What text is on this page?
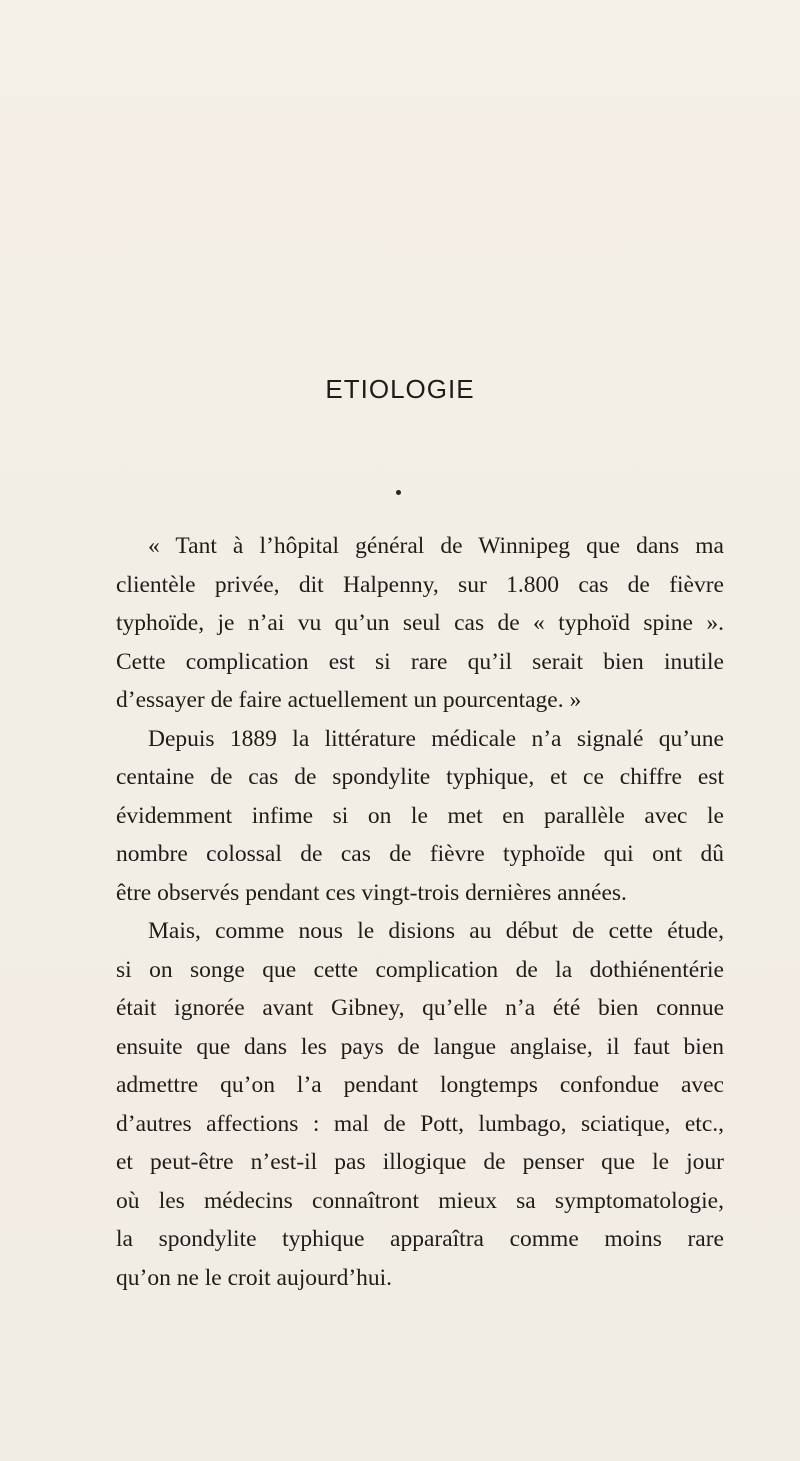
ETIOLOGIE
« Tant à l’hôpital général de Winnipeg que dans ma
clientèle privée, dit Halpenny, sur 1.800 cas de fièvre
typhoïde, je n’ai vu qu’un seul cas de « typhoïd spine ».
Cette complication est si rare qu’il serait bien inutile
d’essayer de faire actuellement un pourcentage. »
Depuis 1889 la littérature médicale n’a signalé qu’une
centaine de cas de spondylite typhique, et ce chiffre est
évidemment infime si on le met en parallèle avec le
nombre colossal de cas de fièvre typhoïde qui ont dû
être observés pendant ces vingt-trois dernières années.
Mais, comme nous le disions au début de cette étude,
si on songe que cette complication de la dothiénentérie
était ignorée avant Gibney, qu’elle n’a été bien connue
ensuite que dans les pays de langue anglaise, il faut bien
admettre qu’on l’a pendant longtemps confondue avec
d’autres affections : mal de Pott, lumbago, sciatique, etc.,
et peut-être n’est-il pas illogique de penser que le jour
où les médecins connaîtront mieux sa symptomatologie,
la spondylite typhique apparaîtra comme moins rare
qu’on ne le croit aujourd’hui.
